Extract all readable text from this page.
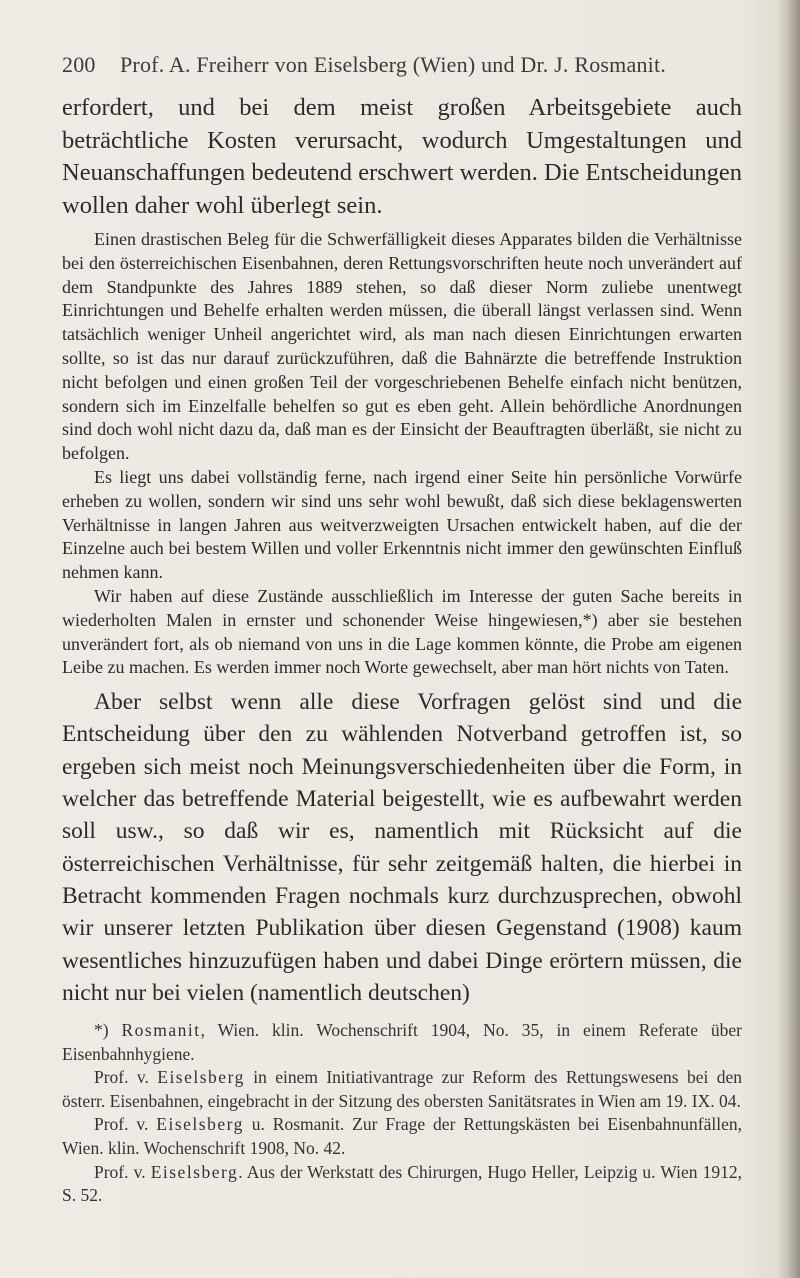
200 Prof. A. Freiherr von Eiselsberg (Wien) und Dr. J. Rosmanit.

erfordert, und bei dem meist großen Arbeitsgebiete auch beträchtliche Kosten verursacht, wodurch Umgestaltungen und Neuanschaffungen bedeutend erschwert werden. Die Entscheidungen wollen daher wohl überlegt sein.

Einen drastischen Beleg für die Schwerfälligkeit dieses Apparates bilden die Verhältnisse bei den österreichischen Eisenbahnen, deren Rettungsvorschriften heute noch unverändert auf dem Standpunkte des Jahres 1889 stehen, so daß dieser Norm zuliebe unentwegt Einrichtungen und Behelfe erhalten werden müssen, die überall längst verlassen sind. Wenn tatsächlich weniger Unheil angerichtet wird, als man nach diesen Einrichtungen erwarten sollte, so ist das nur darauf zurückzuführen, daß die Bahnärzte die betreffende Instruktion nicht befolgen und einen großen Teil der vorgeschriebenen Behelfe einfach nicht benützen, sondern sich im Einzelfalle behelfen so gut es eben geht. Allein behördliche Anordnungen sind doch wohl nicht dazu da, daß man es der Einsicht der Beauftragten überläßt, sie nicht zu befolgen.

Es liegt uns dabei vollständig ferne, nach irgend einer Seite hin persönliche Vorwürfe erheben zu wollen, sondern wir sind uns sehr wohl bewußt, daß sich diese beklagenswerten Verhältnisse in langen Jahren aus weitverzweigten Ursachen entwickelt haben, auf die der Einzelne auch bei bestem Willen und voller Erkenntnis nicht immer den gewünschten Einfluß nehmen kann.

Wir haben auf diese Zustände ausschließlich im Interesse der guten Sache bereits in wiederholten Malen in ernster und schonender Weise hingewiesen,*) aber sie bestehen unverändert fort, als ob niemand von uns in die Lage kommen könnte, die Probe am eigenen Leibe zu machen. Es werden immer noch Worte gewechselt, aber man hört nichts von Taten.

Aber selbst wenn alle diese Vorfragen gelöst sind und die Entscheidung über den zu wählenden Notverband getroffen ist, so ergeben sich meist noch Meinungsverschiedenheiten über die Form, in welcher das betreffende Material beigestellt, wie es aufbewahrt werden soll usw., so daß wir es, namentlich mit Rücksicht auf die österreichischen Verhältnisse, für sehr zeitgemäß halten, die hierbei in Betracht kommenden Fragen nochmals kurz durchzusprechen, obwohl wir unserer letzten Publikation über diesen Gegenstand (1908) kaum wesentliches hinzuzufügen haben und dabei Dinge erörtern müssen, die nicht nur bei vielen (namentlich deutschen)

*) Rosmanit, Wien. klin. Wochenschrift 1904, No. 35, in einem Referate über Eisenbahnhygiene.

Prof. v. Eiselsberg in einem Initiativantrage zur Reform des Rettungswesens bei den österr. Eisenbahnen, eingebracht in der Sitzung des obersten Sanitätsrates in Wien am 19. IX. 04.

Prof. v. Eiselsberg u. Rosmanit. Zur Frage der Rettungskästen bei Eisenbahnunfällen, Wien. klin. Wochenschrift 1908, No. 42.

Prof. v. Eiselsberg. Aus der Werkstatt des Chirurgen, Hugo Heller, Leipzig u. Wien 1912, S. 52.
